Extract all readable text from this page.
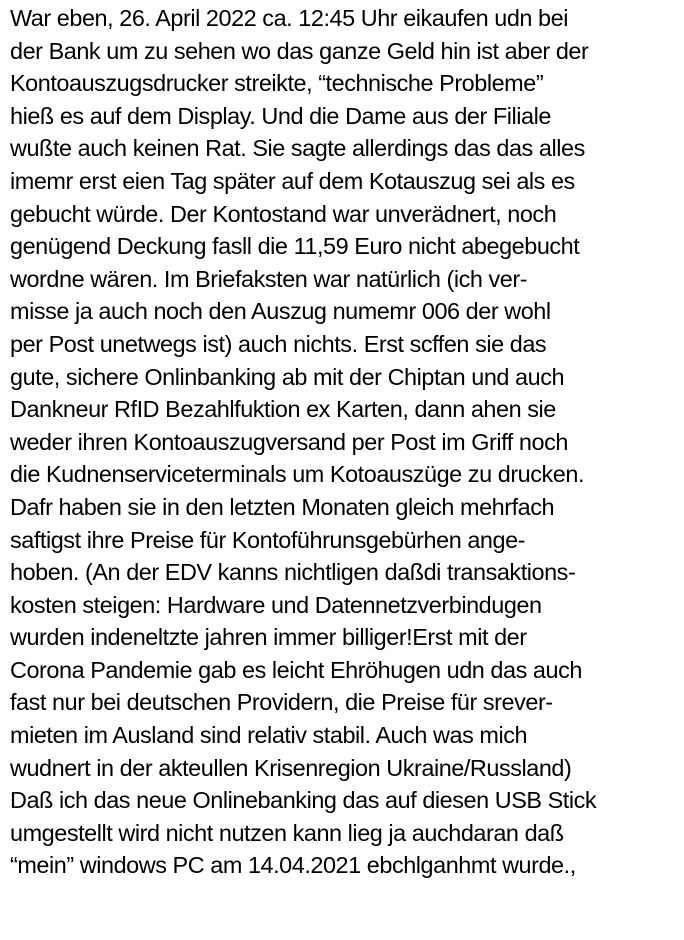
War eben, 26. April 2022 ca. 12:45 Uhr eikaufen udn bei
der Bank um zu sehen wo das ganze Geld hin ist aber der
Kontoauszugsdrucker streikte, “technische Probleme”
hieß es auf dem Display. Und die Dame aus der Filiale
wußte auch keinen Rat. Sie sagte allerdings das das alles
imemr erst eien Tag später auf dem Kotauszug sei als es
gebucht würde. Der Kontostand war unverädnert, noch
genügend Deckung fasll die 11,59 Euro nicht abegebucht
wordne wären. Im Briefaksten war natürlich (ich ver-
misse ja auch noch den Auszug numemr 006 der wohl
per Post unetwegs ist) auch nichts. Erst scffen sie das
gute, sichere Onlinbanking ab mit der Chiptan und auch
Dankneur RfID Bezahlfuktion ex Karten, dann ahen sie
weder ihren Kontoauszugversand per Post im Griff noch
die Kudnenserviceterminals um Kotoauszüge zu drucken.
Dafr haben sie in den letzten Monaten gleich mehrfach
saftigst ihre Preise für Kontoführunsgebürhen ange-
hoben. (An der EDV kanns nichtligen daßdi transaktions-
kosten steigen: Hardware und Datennetzverbindugen
wurden indeneltzte jahren immer billiger!Erst mit der
Corona Pandemie gab es leicht Ehröhugen udn das auch
fast nur bei deutschen Providern, die Preise für srever-
mieten im Ausland sind relativ stabil. Auch was mich
wudnert in der akteullen Krisenregion Ukraine/Russland)
Daß ich das neue Onlinebanking das auf diesen USB Stick
umgestellt wird nicht nutzen kann lieg ja auchdaran daß
“mein” windows PC am 14.04.2021 ebchlganhmt wurde.,
